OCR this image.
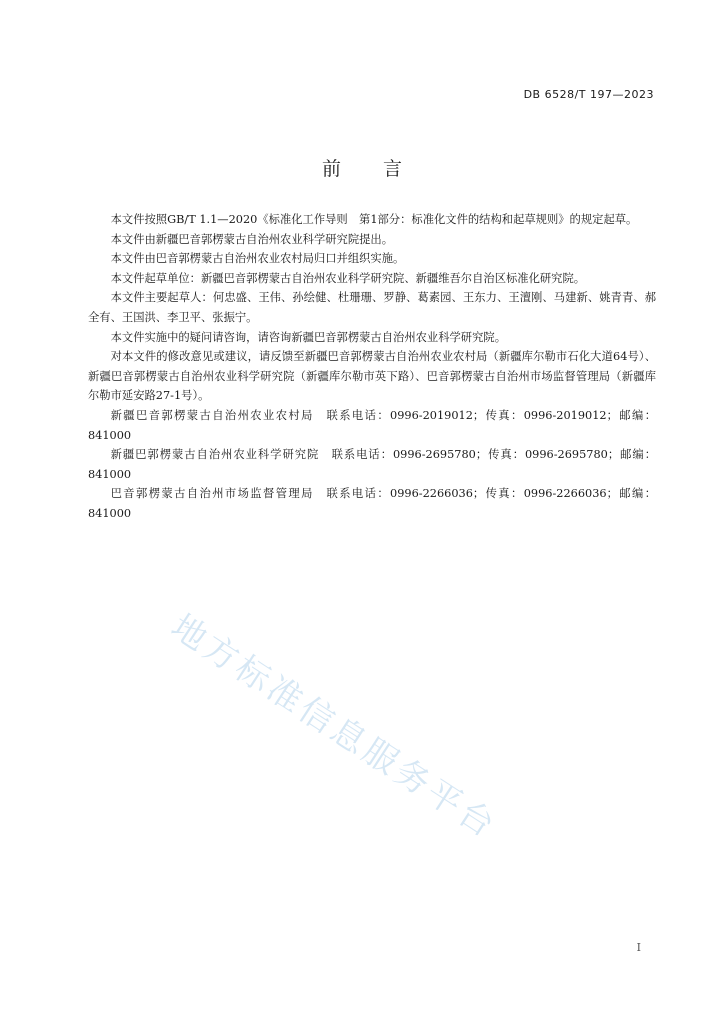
DB 6528/T 197—2023
前言

本文件按照GB/T 1.1—2020《标准化工作导则　第1部分：标准化文件的结构和起草规则》的规定起草。

本文件由新疆巴音郭楞蒙古自治州农业科学研究院提出。

本文件由巴音郭楞蒙古自治州农业农村局归口并组织实施。

本文件起草单位：新疆巴音郭楞蒙古自治州农业科学研究院、新疆维吾尔自治区标准化研究院。

本文件主要起草人：何忠盛、王伟、孙绘健、杜珊珊、罗静、葛素园、王东力、王澶刚、马建新、姚青青、郝全有、王国洪、李卫平、张振宁。

本文件实施中的疑问请咨询，请咨询新疆巴音郭楞蒙古自治州农业科学研究院。

对本文件的修改意见或建议，请反馈至新疆巴音郭楞蒙古自治州农业农村局（新疆库尔勒市石化大道64号）、新疆巴音郭楞蒙古自治州农业科学研究院（新疆库尔勒市英下路）、巴音郭楞蒙古自治州市场监督管理局（新疆库尔勒市延安路27-1号）。

新疆巴音郭楞蒙古自治州农业农村局　联系电话：0996-2019012；传真：0996-2019012；邮编：841000

新疆巴郭楞蒙古自治州农业科学研究院　联系电话：0996-2695780；传真：0996-2695780；邮编：841000

巴音郭楞蒙古自治州市场监督管理局　联系电话：0996-2266036；传真：0996-2266036；邮编：841000

地方标准信息服务平台
I
